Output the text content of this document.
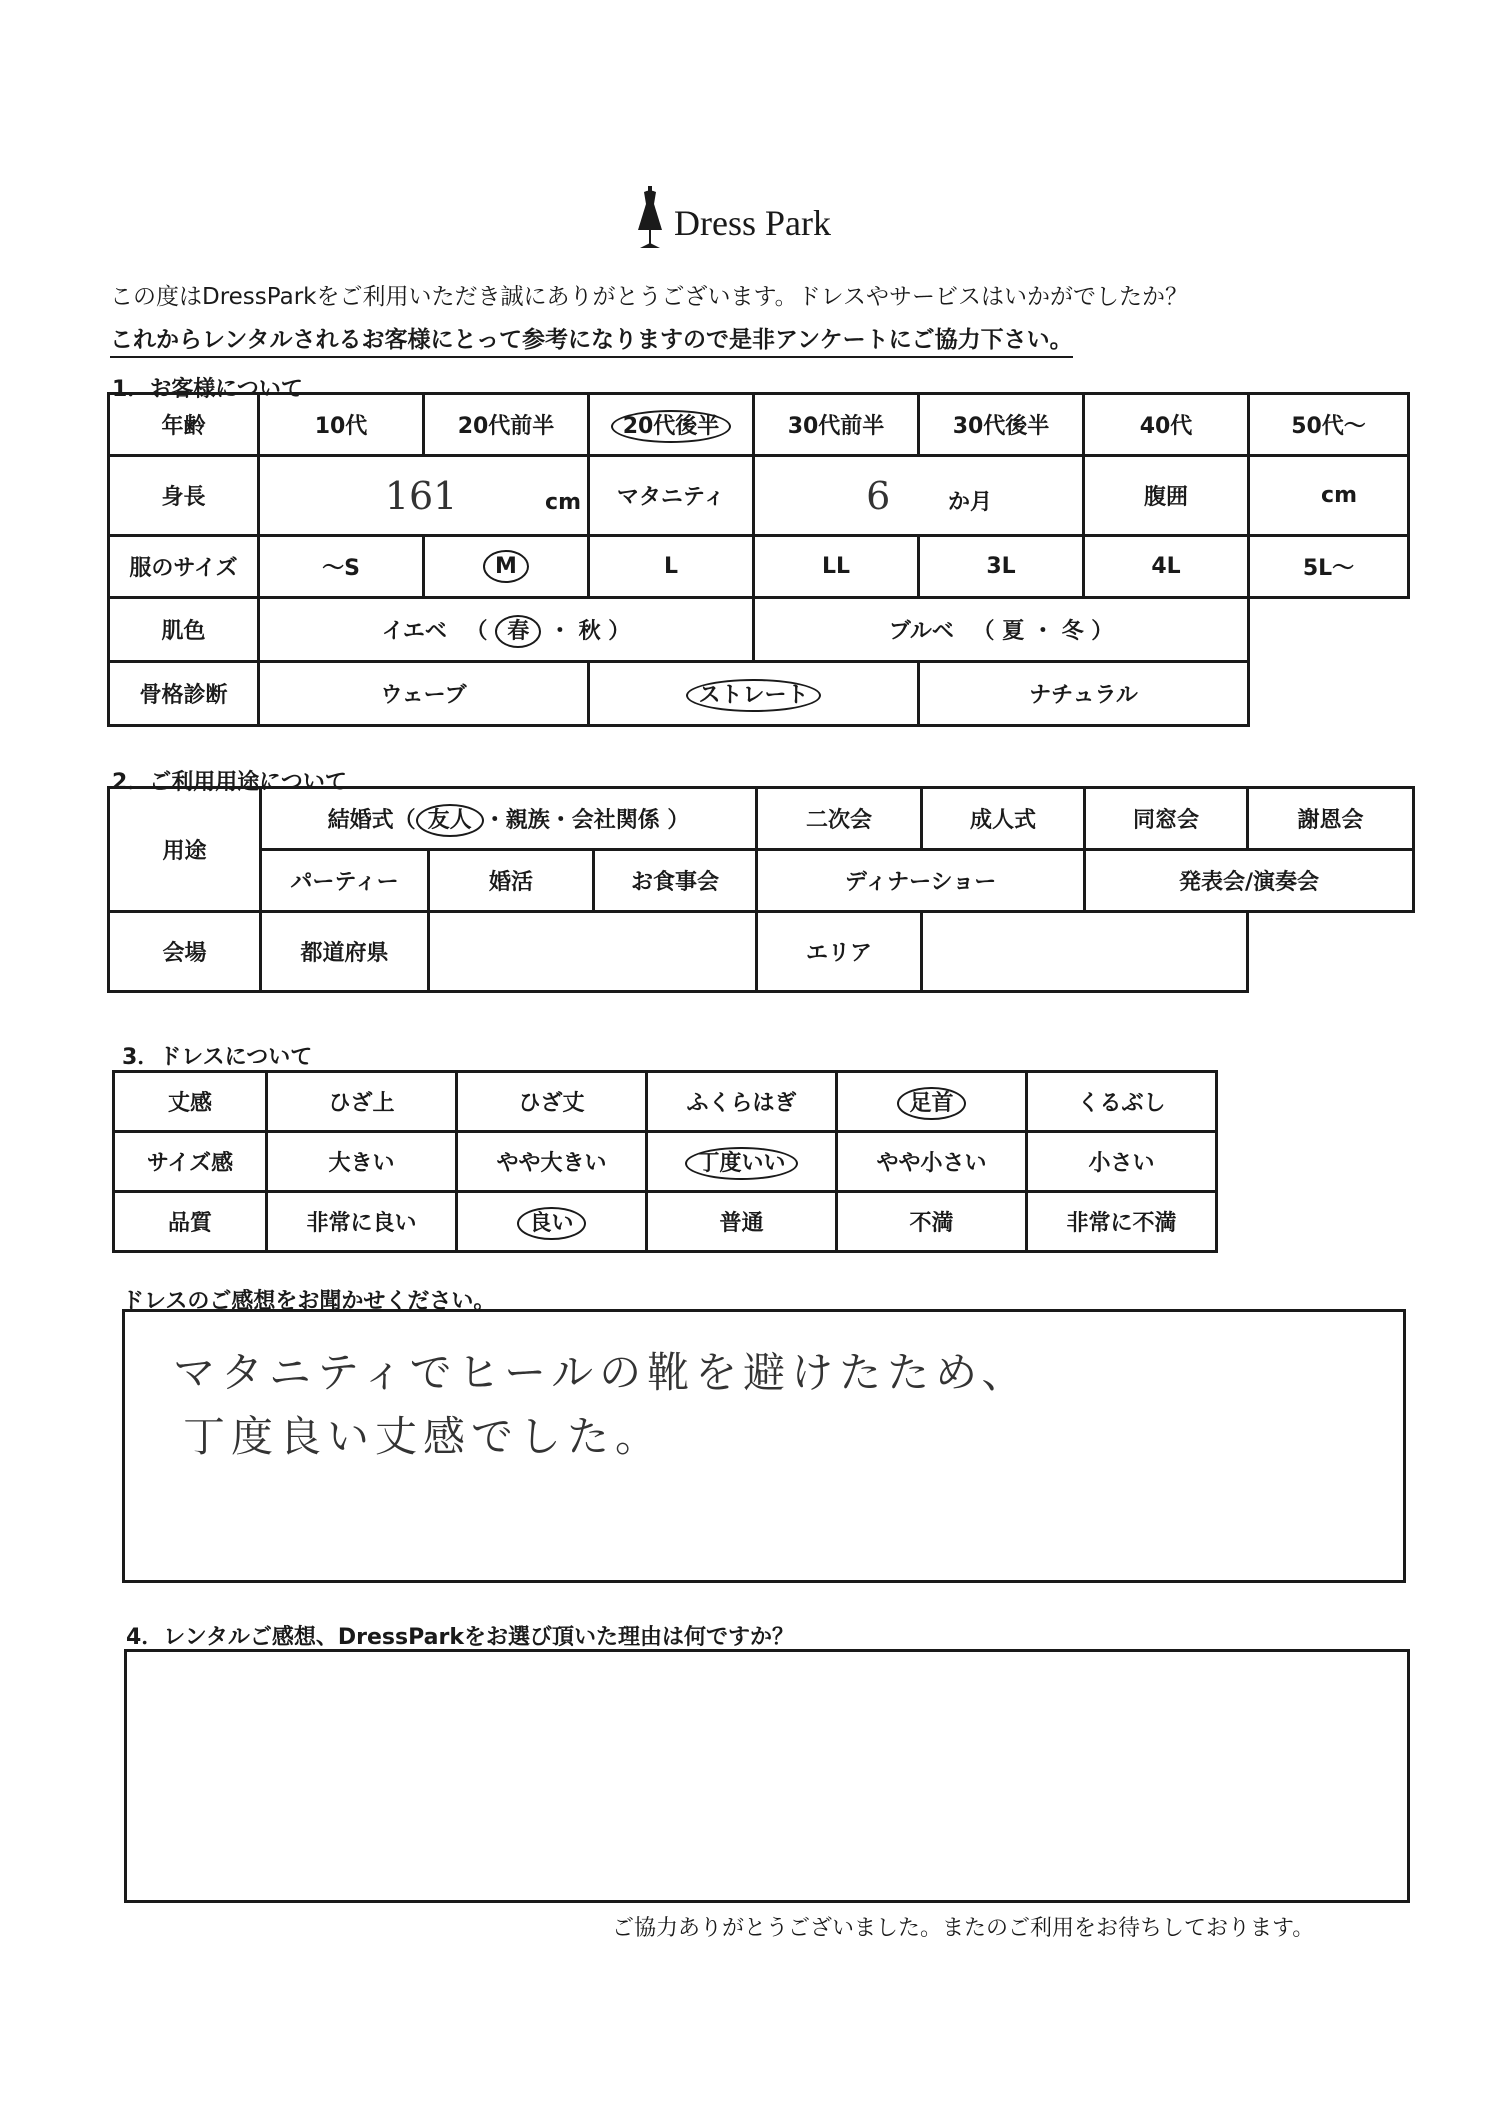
Dress Park
この度はDressParkをご利用いただき誠にありがとうございます。ドレスやサービスはいかがでしたか？
これからレンタルされるお客様にとって参考になりますので是非アンケートにご協力下さい。
1．お客様について
年齢	10代	20代前半	20代後半	30代前半	30代後半	40代	50代〜
身長	161 cm		マタニティ	6 か月		腹囲	cm
服のサイズ	〜S	M	L	LL	3L	4L	5L〜
肌色	イエベ 　（ 春 ・ 秋 ）			ブルベ 　（ 夏 ・ 冬 ）			
骨格診断	ウェーブ		ストレート		ナチュラル		
2．ご利用用途について
用途	結婚式（ 友人 ・親族・会社関係 ）			二次会	成人式	同窓会	謝恩会
	パーティー	婚活	お食事会	ディナーショー		発表会/演奏会	
会場	都道府県			エリア			
3．ドレスについて
丈感	ひざ上	ひざ丈	ふくらはぎ	足首	くるぶし
サイズ感	大きい	やや大きい	丁度いい	やや小さい	小さい
品質	非常に良い	良い	普通	不満	非常に不満
ドレスのご感想をお聞かせください。
マタニティでヒールの靴を避けたため、
丁度良い丈感でした。
4．レンタルご感想、DressParkをお選び頂いた理由は何ですか？
ご協力ありがとうございました。またのご利用をお待ちしております。
